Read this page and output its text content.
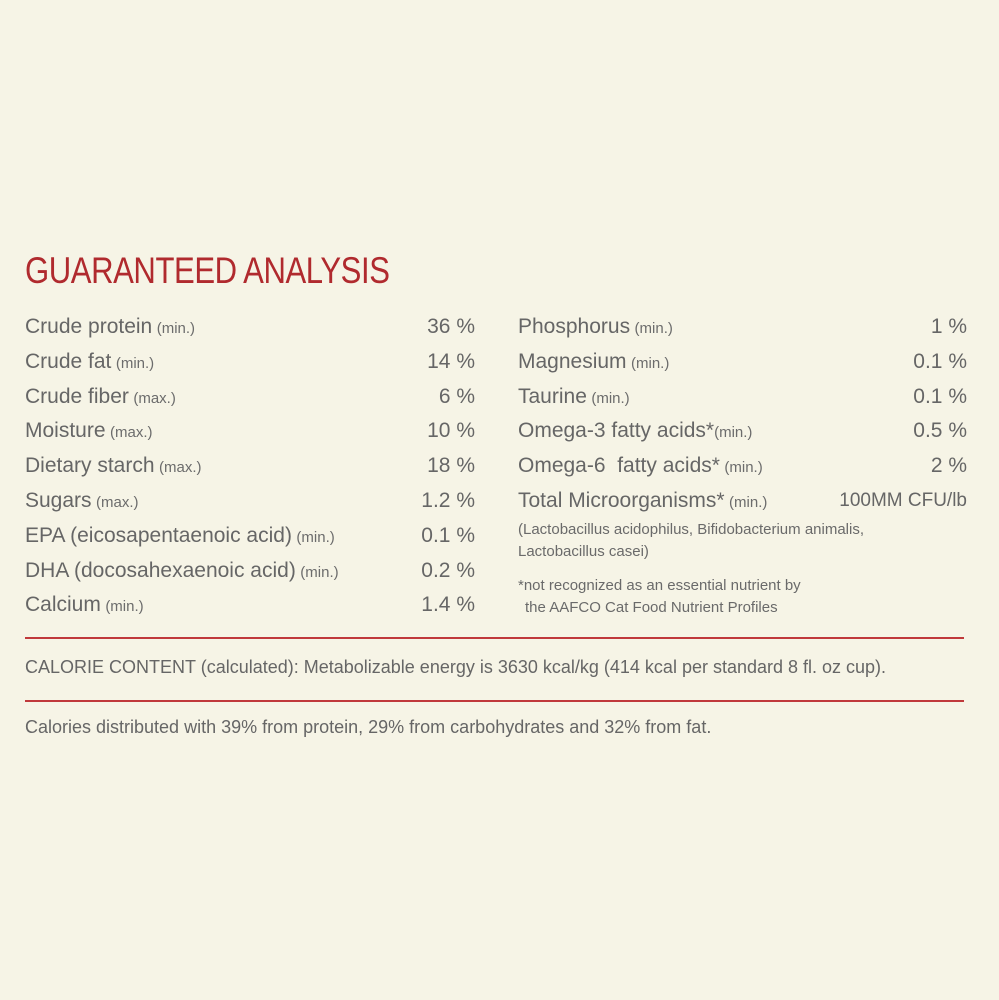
GUARANTEED ANALYSIS
Crude protein (min.)	36 %
Crude fat (min.)	14 %
Crude fiber (max.)	6 %
Moisture (max.)	10 %
Dietary starch (max.)	18 %
Sugars (max.)	1.2 %
EPA (eicosapentaenoic acid) (min.)	0.1 %
DHA (docosahexaenoic acid) (min.)	0.2 %
Calcium (min.)	1.4 %
Phosphorus (min.)	1 %
Magnesium (min.)	0.1 %
Taurine (min.)	0.1 %
Omega-3 fatty acids*(min.)	0.5 %
Omega-6  fatty acids* (min.)	2 %
Total Microorganisms* (min.)	100MM CFU/lb
(Lactobacillus acidophilus, Bifidobacterium animalis,
Lactobacillus casei)
*not recognized as an essential nutrient by
the AAFCO Cat Food Nutrient Profiles
CALORIE CONTENT (calculated): Metabolizable energy is 3630 kcal/kg (414 kcal per standard 8 fl. oz cup).
Calories distributed with 39% from protein, 29% from carbohydrates and 32% from fat.
